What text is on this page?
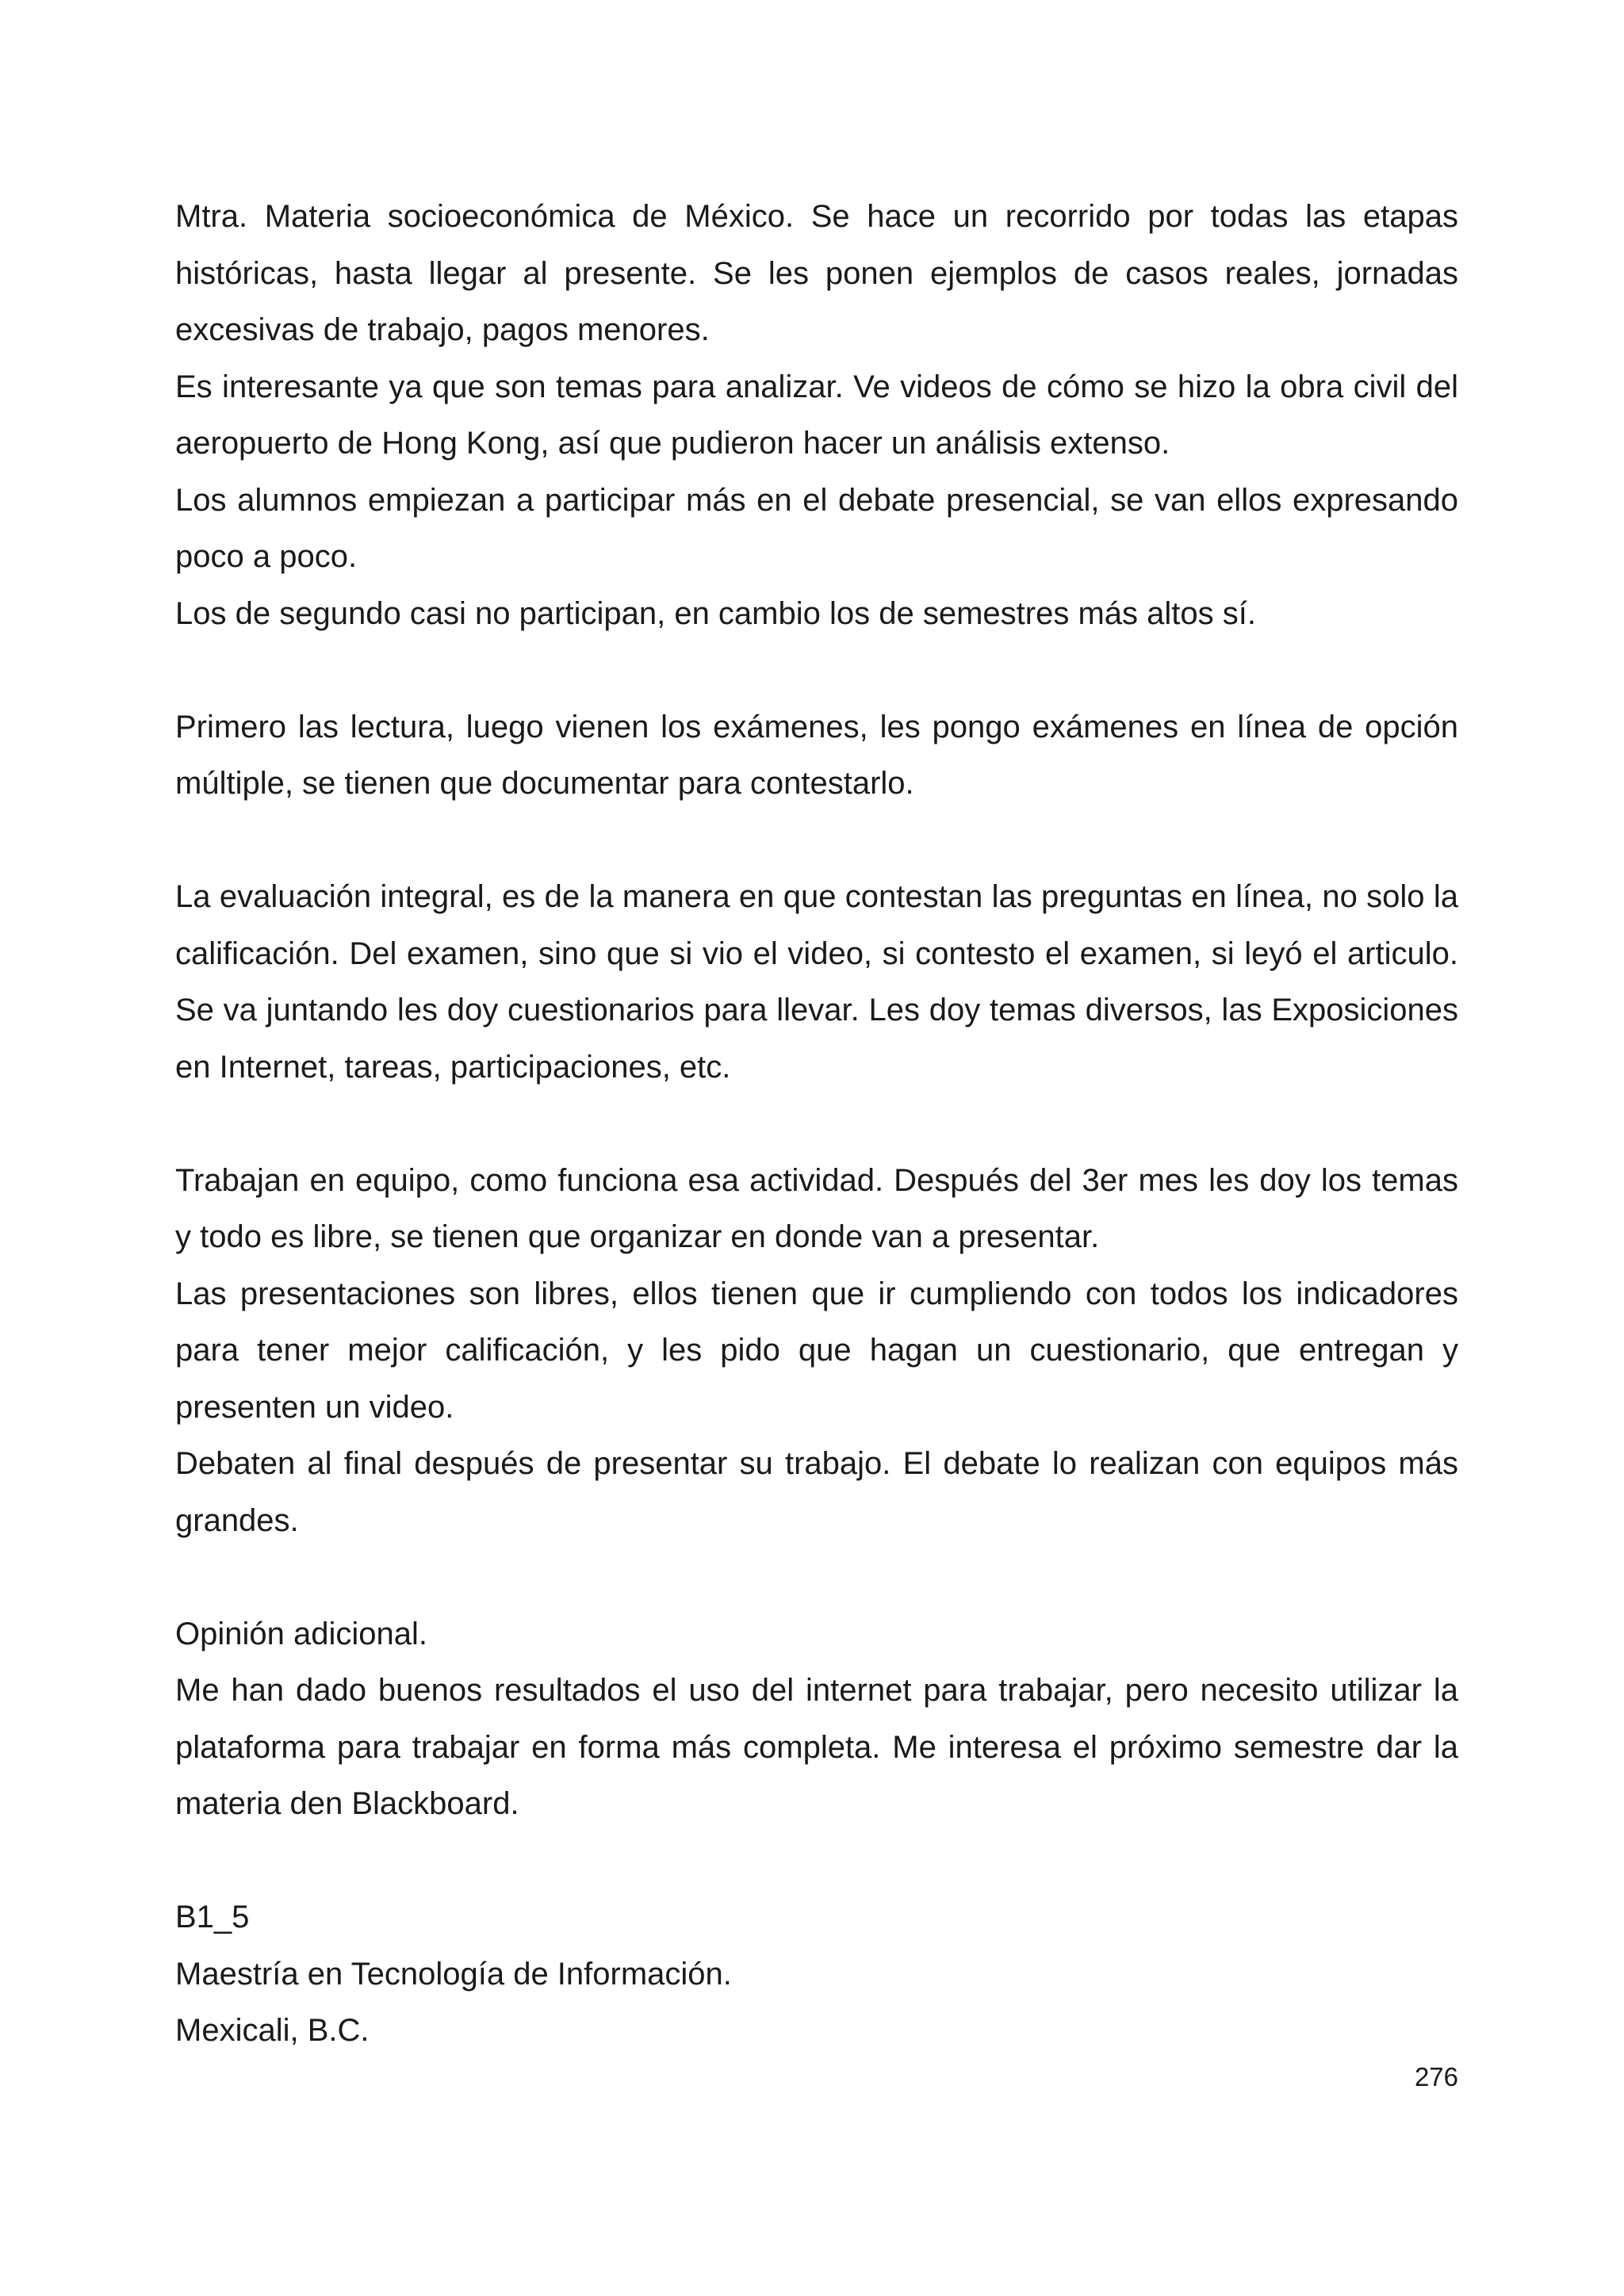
Mtra. Materia socioeconómica de México. Se hace un recorrido por todas las etapas históricas, hasta llegar al presente. Se les ponen ejemplos de casos reales, jornadas excesivas de trabajo, pagos menores.

Es interesante ya que son temas para analizar. Ve videos de cómo se hizo la obra civil del aeropuerto de Hong Kong, así que pudieron hacer un análisis extenso.

Los alumnos empiezan a participar más en el debate presencial, se van ellos expresando poco a poco.

Los de segundo casi no participan, en cambio los de semestres más altos sí.

Primero las lectura, luego vienen los exámenes, les pongo exámenes en línea de opción múltiple, se tienen que documentar para contestarlo.

La evaluación integral, es de la manera en que contestan las preguntas en línea, no solo la calificación. Del examen, sino que si vio el video, si contesto el examen, si leyó el articulo. Se va juntando les doy cuestionarios para llevar. Les doy temas diversos, las Exposiciones en Internet, tareas, participaciones, etc.

Trabajan en equipo, como funciona esa actividad. Después del 3er mes les doy los temas y todo es libre, se tienen que organizar en donde van a presentar.

Las presentaciones son libres, ellos tienen que ir cumpliendo con todos los indicadores para tener mejor calificación, y les pido que hagan un cuestionario, que entregan y presenten un video.

Debaten al final después de presentar su trabajo. El debate lo realizan con equipos más grandes.

Opinión adicional.

Me han dado buenos resultados el uso del internet para trabajar, pero necesito utilizar la plataforma para trabajar en forma más completa. Me interesa el próximo semestre dar la materia den Blackboard.

B1_5

Maestría en Tecnología de Información.

Mexicali, B.C.

276
